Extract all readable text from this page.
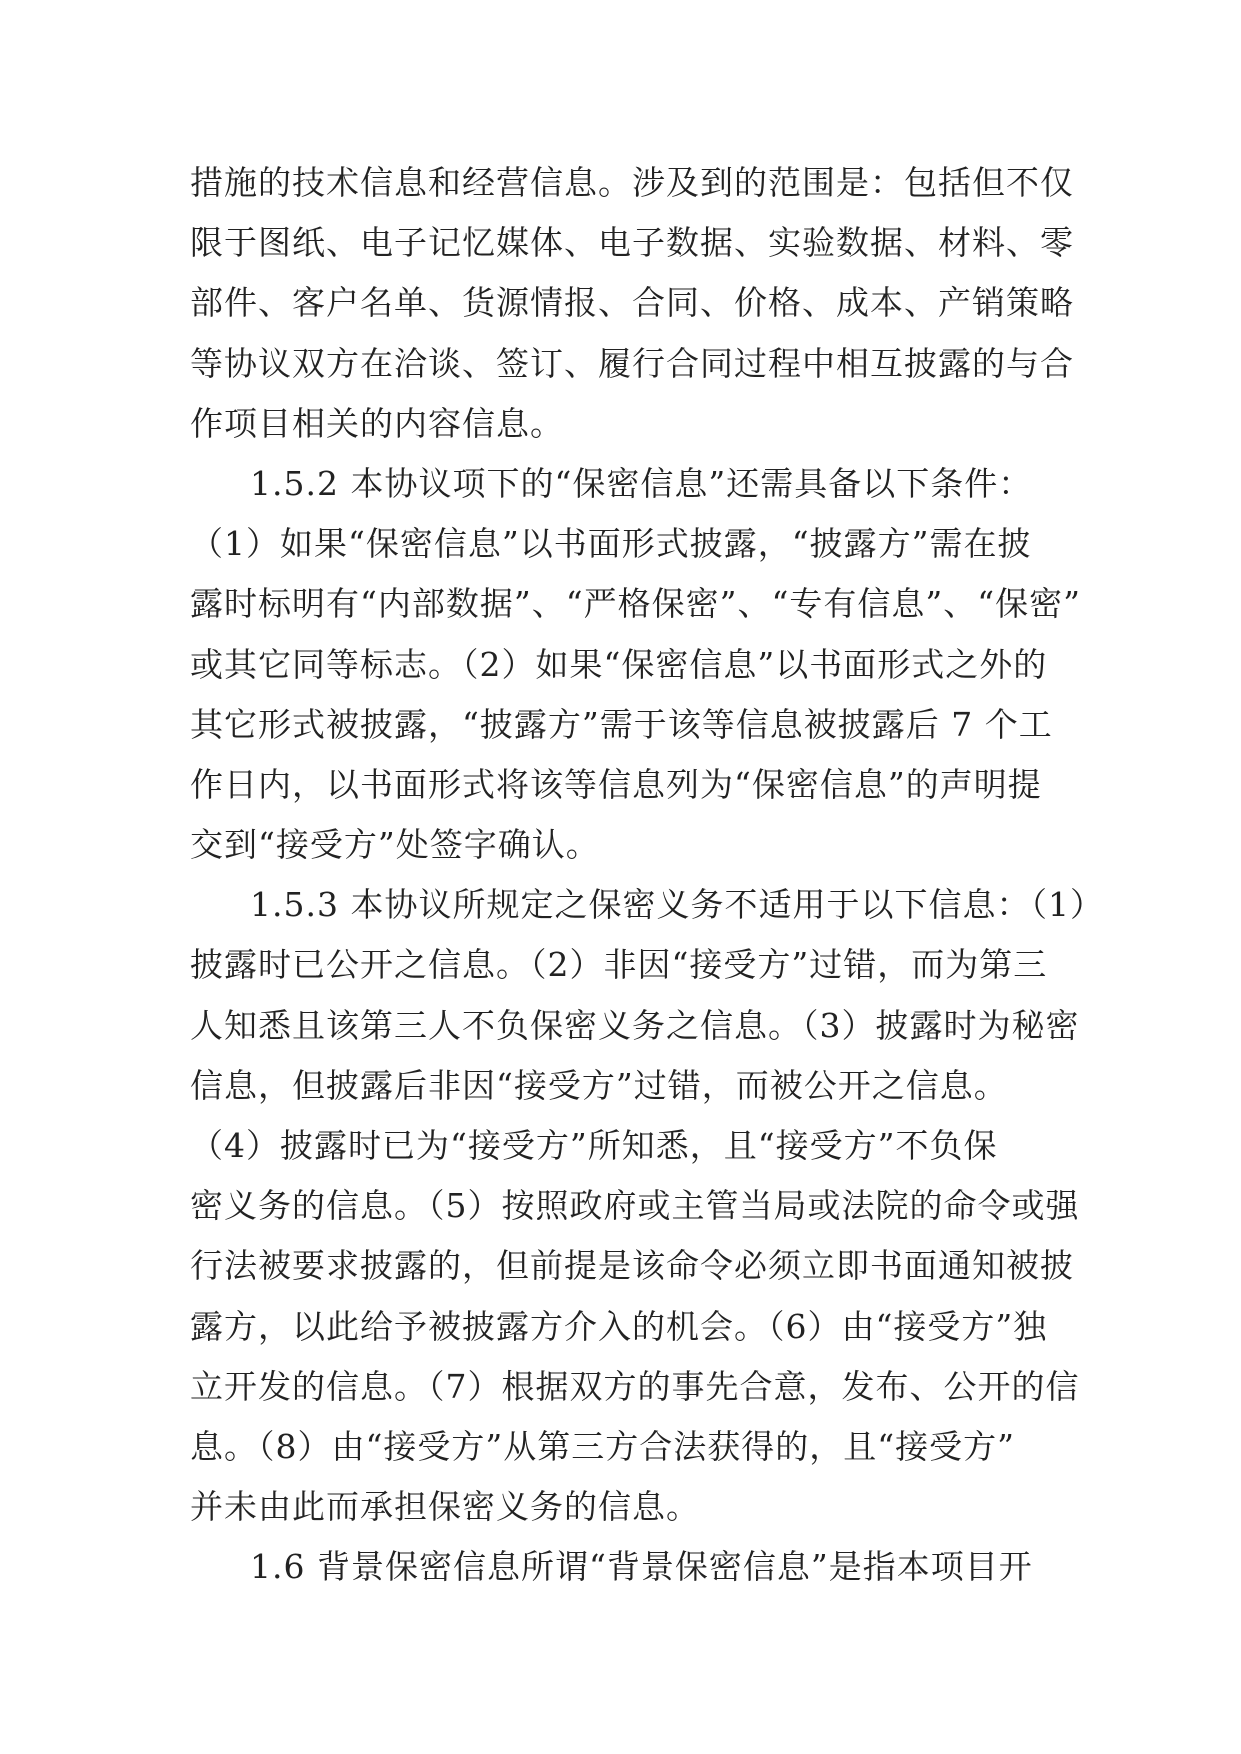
措施的技术信息和经营信息。涉及到的范围是：包括但不仅
限于图纸、电子记忆媒体、电子数据、实验数据、材料、零
部件、客户名单、货源情报、合同、价格、成本、产销策略
等协议双方在洽谈、签订、履行合同过程中相互披露的与合
作项目相关的内容信息。
1.5.2 本协议项下的“保密信息”还需具备以下条件：
（1）如果“保密信息”以书面形式披露，“披露方”需在披
露时标明有“内部数据”、“严格保密”、“专有信息”、“保密”
或其它同等标志。（2）如果“保密信息”以书面形式之外的
其它形式被披露，“披露方”需于该等信息被披露后 7 个工
作日内，以书面形式将该等信息列为“保密信息”的声明提
交到“接受方”处签字确认。
1.5.3 本协议所规定之保密义务不适用于以下信息：（1）
披露时已公开之信息。（2）非因“接受方”过错，而为第三
人知悉且该第三人不负保密义务之信息。（3）披露时为秘密
信息，但披露后非因“接受方”过错，而被公开之信息。
（4）披露时已为“接受方”所知悉，且“接受方”不负保
密义务的信息。（5）按照政府或主管当局或法院的命令或强
行法被要求披露的，但前提是该命令必须立即书面通知被披
露方，以此给予被披露方介入的机会。（6）由“接受方”独
立开发的信息。（7）根据双方的事先合意，发布、公开的信
息。（8）由“接受方”从第三方合法获得的，且“接受方”
并未由此而承担保密义务的信息。
1.6 背景保密信息所谓“背景保密信息”是指本项目开
